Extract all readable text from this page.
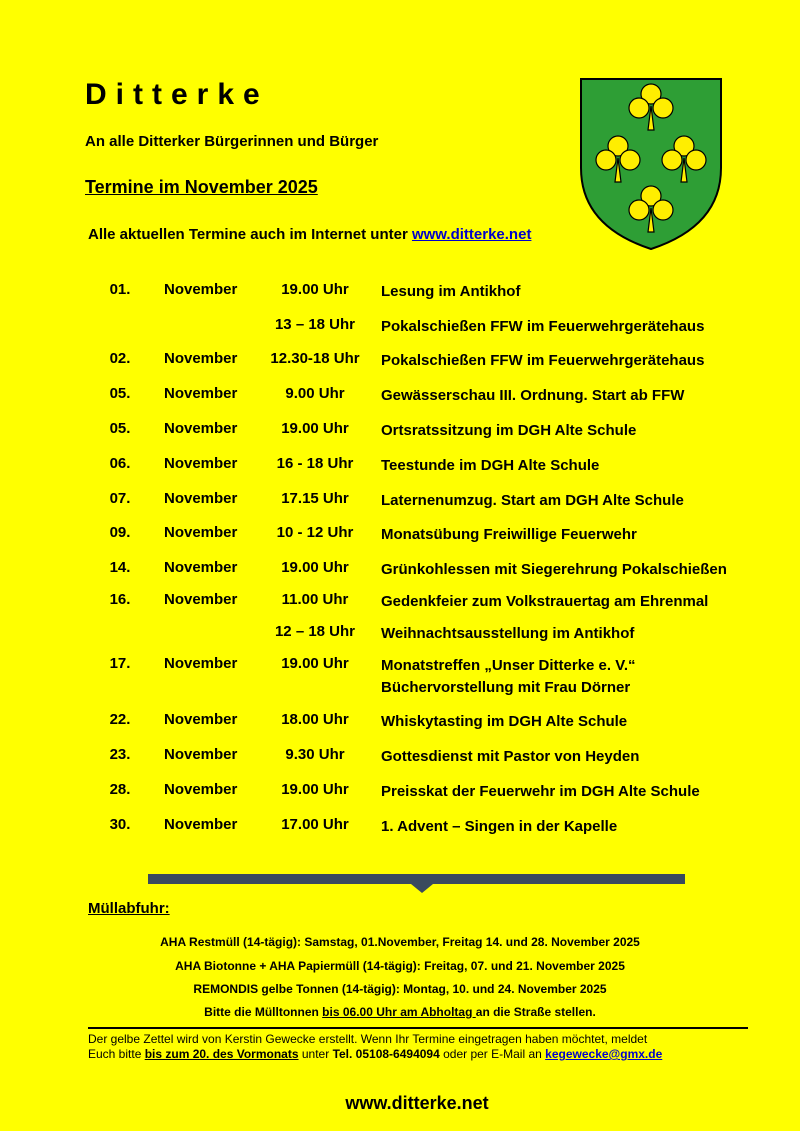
Ditterke
An alle Ditterker Bürgerinnen und Bürger
Termine im November 2025
Alle aktuellen Termine auch im Internet unter www.ditterke.net
01.	November	19.00 Uhr	Lesung im Antikhof
13 – 18 Uhr	Pokalschießen FFW im Feuerwehrgerätehaus
02.	November	12.30-18 Uhr	Pokalschießen FFW im Feuerwehrgerätehaus
05.	November	9.00 Uhr	Gewässerschau III. Ordnung. Start ab FFW
05.	November	19.00 Uhr	Ortsratssitzung im DGH Alte Schule
06.	November	16 - 18 Uhr	Teestunde im DGH Alte Schule
07.	November	17.15 Uhr	Laternenumzug. Start am DGH Alte Schule
09.	November	10 - 12 Uhr	Monatsübung Freiwillige Feuerwehr
14.	November	19.00 Uhr	Grünkohlessen mit Siegerehrung Pokalschießen
16.	November	11.00 Uhr	Gedenkfeier zum Volkstrauertag am Ehrenmal
12 – 18 Uhr	Weihnachtsausstellung im Antikhof
17.	November	19.00 Uhr	Monatstreffen „Unser Ditterke e. V.“
Büchervorstellung mit Frau Dörner
22.	November	18.00 Uhr	Whiskytasting im DGH Alte Schule
23.	November	9.30 Uhr	Gottesdienst mit Pastor von Heyden
28.	November	19.00 Uhr	Preisskat der Feuerwehr im DGH Alte Schule
30.	November	17.00 Uhr	1. Advent – Singen in der Kapelle
Müllabfuhr:
AHA Restmüll (14-tägig): Samstag, 01.November, Freitag 14. und 28. November 2025
AHA Biotonne + AHA Papiermüll (14-tägig): Freitag, 07. und 21. November 2025
REMONDIS gelbe Tonnen (14-tägig): Montag, 10. und 24. November 2025
Bitte die Mülltonnen bis 06.00 Uhr am Abholtag an die Straße stellen.
Der gelbe Zettel wird von Kerstin Gewecke erstellt. Wenn Ihr Termine eingetragen haben möchtet, meldet
Euch bitte bis zum 20. des Vormonats unter Tel. 05108-6494094 oder per E-Mail an kegewecke@gmx.de
www.ditterke.net
